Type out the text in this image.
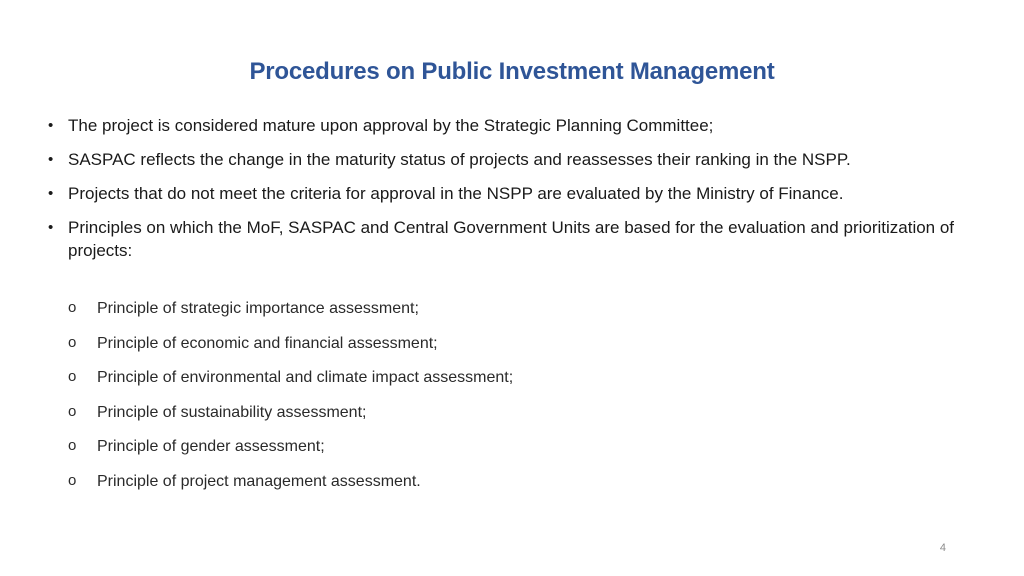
Procedures on Public Investment Management
• The project is considered mature upon approval by the Strategic Planning Committee;
• SASPAC reflects the change in the maturity status of projects and reassesses their ranking in the NSPP.
• Projects that do not meet the criteria for approval in the NSPP are evaluated by the Ministry of Finance.
• Principles on which the MoF, SASPAC and Central Government Units are based for the evaluation and prioritization of projects:
o Principle of strategic importance assessment;
o Principle of economic and financial assessment;
o Principle of environmental and climate impact assessment;
o Principle of sustainability assessment;
o Principle of gender assessment;
o Principle of project management assessment.
4
